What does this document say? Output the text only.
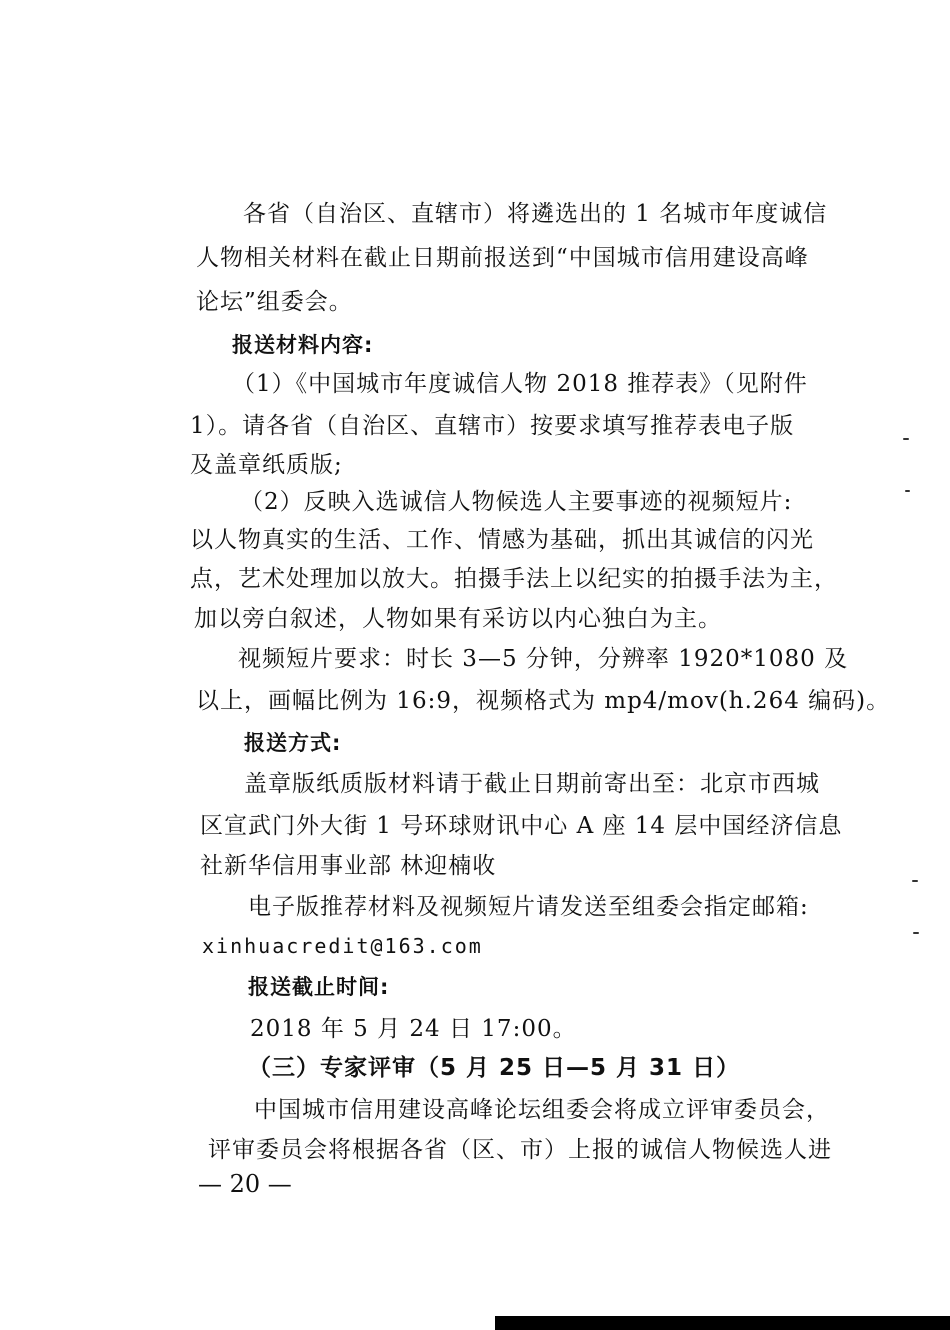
各省（自治区、直辖市）将遴选出的 1 名城市年度诚信
人物相关材料在截止日期前报送到“中国城市信用建设高峰
论坛”组委会。
报送材料内容:
（1）《中国城市年度诚信人物 2018 推荐表》（见附件
1）。请各省（自治区、直辖市）按要求填写推荐表电子版
及盖章纸质版;
（2）反映入选诚信人物候选人主要事迹的视频短片:
以人物真实的生活、工作、情感为基础，抓出其诚信的闪光
点，艺术处理加以放大。拍摄手法上以纪实的拍摄手法为主，
加以旁白叙述，人物如果有采访以内心独白为主。
视频短片要求：时长 3—5 分钟，分辨率 1920*1080 及
以上，画幅比例为 16:9，视频格式为 mp4/mov(h.264 编码)。
报送方式:
盖章版纸质版材料请于截止日期前寄出至：北京市西城
区宣武门外大街 1 号环球财讯中心 A 座 14 层中国经济信息
社新华信用事业部 林迎楠收
电子版推荐材料及视频短片请发送至组委会指定邮箱:
xinhuacredit@163.com
报送截止时间:
2018 年 5 月 24 日 17:00。
（三）专家评审（5 月 25 日—5 月 31 日）
中国城市信用建设高峰论坛组委会将成立评审委员会，
评审委员会将根据各省（区、市）上报的诚信人物候选人进
— 20 —
